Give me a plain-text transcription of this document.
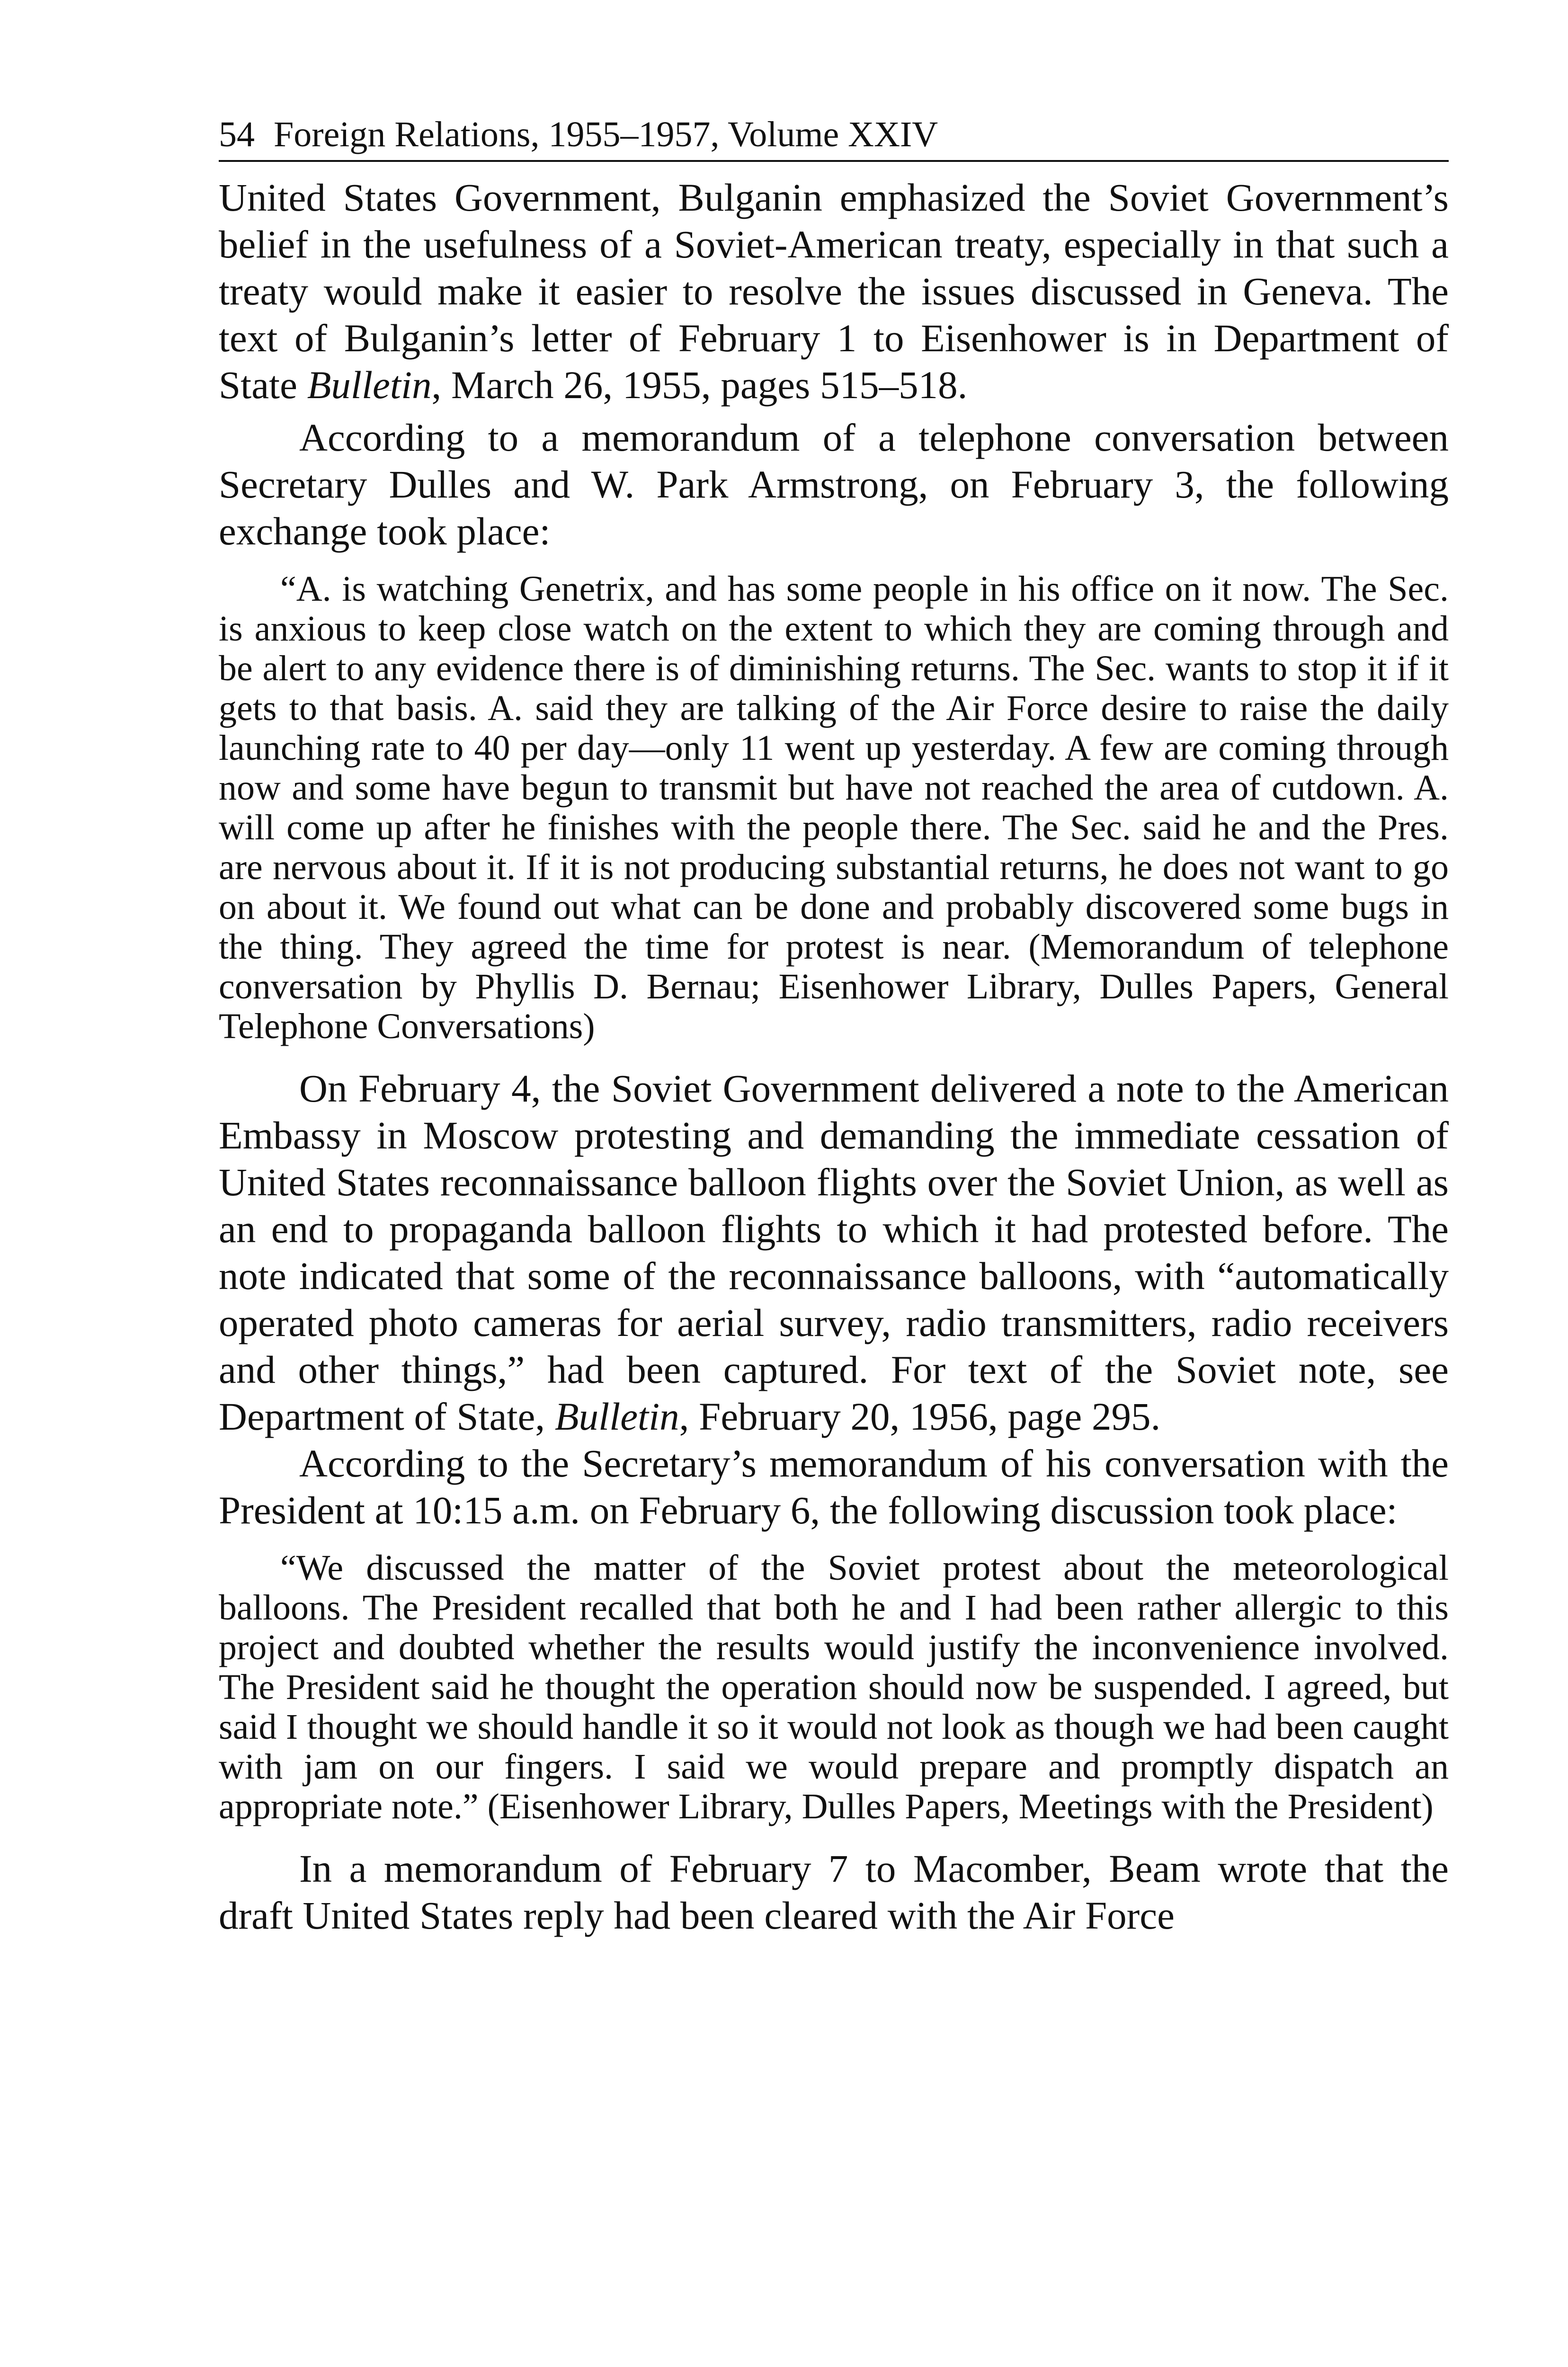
54 Foreign Relations, 1955–1957, Volume XXIV

United States Government, Bulganin emphasized the Soviet Government’s belief in the usefulness of a Soviet-American treaty, especially in that such a treaty would make it easier to resolve the issues discussed in Geneva. The text of Bulganin’s letter of February 1 to Eisenhower is in Department of State Bulletin, March 26, 1955, pages 515–518.

According to a memorandum of a telephone conversation between Secretary Dulles and W. Park Armstrong, on February 3, the following exchange took place:

“A. is watching Genetrix, and has some people in his office on it now. The Sec. is anxious to keep close watch on the extent to which they are coming through and be alert to any evidence there is of diminishing returns. The Sec. wants to stop it if it gets to that basis. A. said they are talking of the Air Force desire to raise the daily launching rate to 40 per day—only 11 went up yesterday. A few are coming through now and some have begun to transmit but have not reached the area of cutdown. A. will come up after he finishes with the people there. The Sec. said he and the Pres. are nervous about it. If it is not producing substantial returns, he does not want to go on about it. We found out what can be done and probably discovered some bugs in the thing. They agreed the time for protest is near. (Memorandum of telephone conversation by Phyllis D. Bernau; Eisenhower Library, Dulles Papers, General Telephone Conversations)

On February 4, the Soviet Government delivered a note to the American Embassy in Moscow protesting and demanding the immediate cessation of United States reconnaissance balloon flights over the Soviet Union, as well as an end to propaganda balloon flights to which it had protested before. The note indicated that some of the reconnaissance balloons, with “automatically operated photo cameras for aerial survey, radio transmitters, radio receivers and other things,” had been captured. For text of the Soviet note, see Department of State, Bulletin, February 20, 1956, page 295.

According to the Secretary’s memorandum of his conversation with the President at 10:15 a.m. on February 6, the following discussion took place:

“We discussed the matter of the Soviet protest about the meteorological balloons. The President recalled that both he and I had been rather allergic to this project and doubted whether the results would justify the inconvenience involved. The President said he thought the operation should now be suspended. I agreed, but said I thought we should handle it so it would not look as though we had been caught with jam on our fingers. I said we would prepare and promptly dispatch an appropriate note.” (Eisenhower Library, Dulles Papers, Meetings with the President)

In a memorandum of February 7 to Macomber, Beam wrote that the draft United States reply had been cleared with the Air Force
